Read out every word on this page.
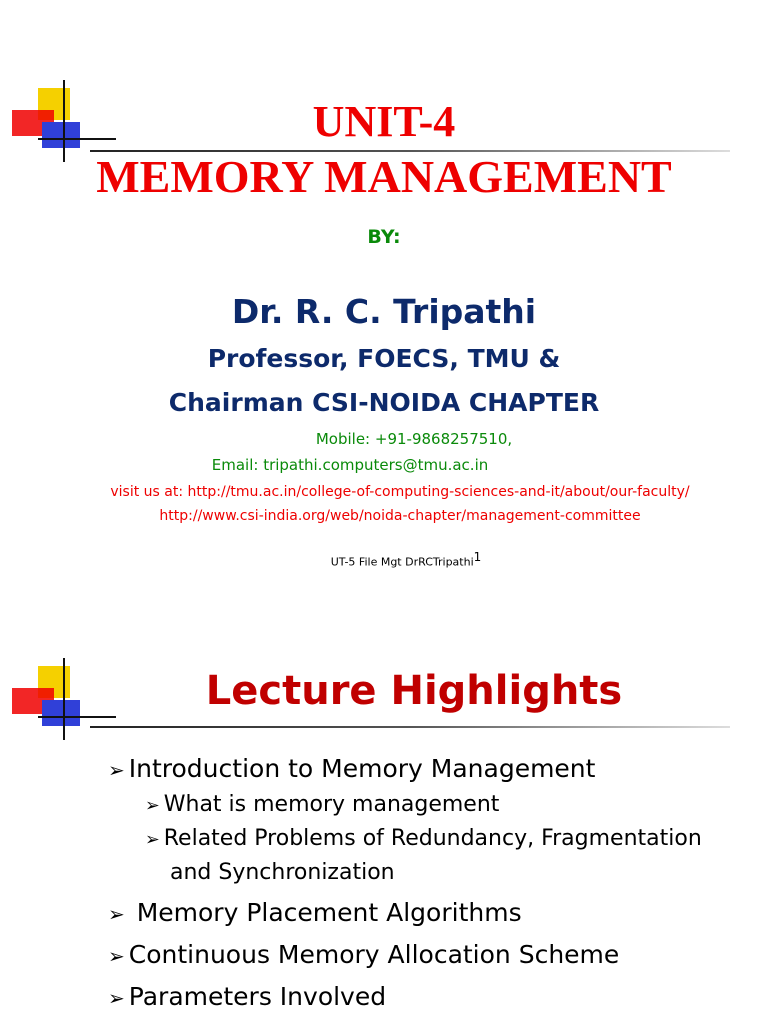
UNIT-4
MEMORY MANAGEMENT
BY:
Dr. R. C. Tripathi
Professor, FOECS, TMU &
Chairman CSI-NOIDA CHAPTER
Mobile: +91-9868257510,
Email: tripathi.computers@tmu.ac.in
visit us at: http://tmu.ac.in/college-of-computing-sciences-and-it/about/our-faculty/
http://www.csi-india.org/web/noida-chapter/management-committee
UT-5 File Mgt DrRCTripathi$^1$
Lecture Highlights
➢ Introduction to Memory Management
➢ What is memory management
➢ Related Problems of Redundancy, Fragmentation
and Synchronization
➢ Memory Placement Algorithms
➢ Continuous Memory Allocation Scheme
➢ Parameters Involved
